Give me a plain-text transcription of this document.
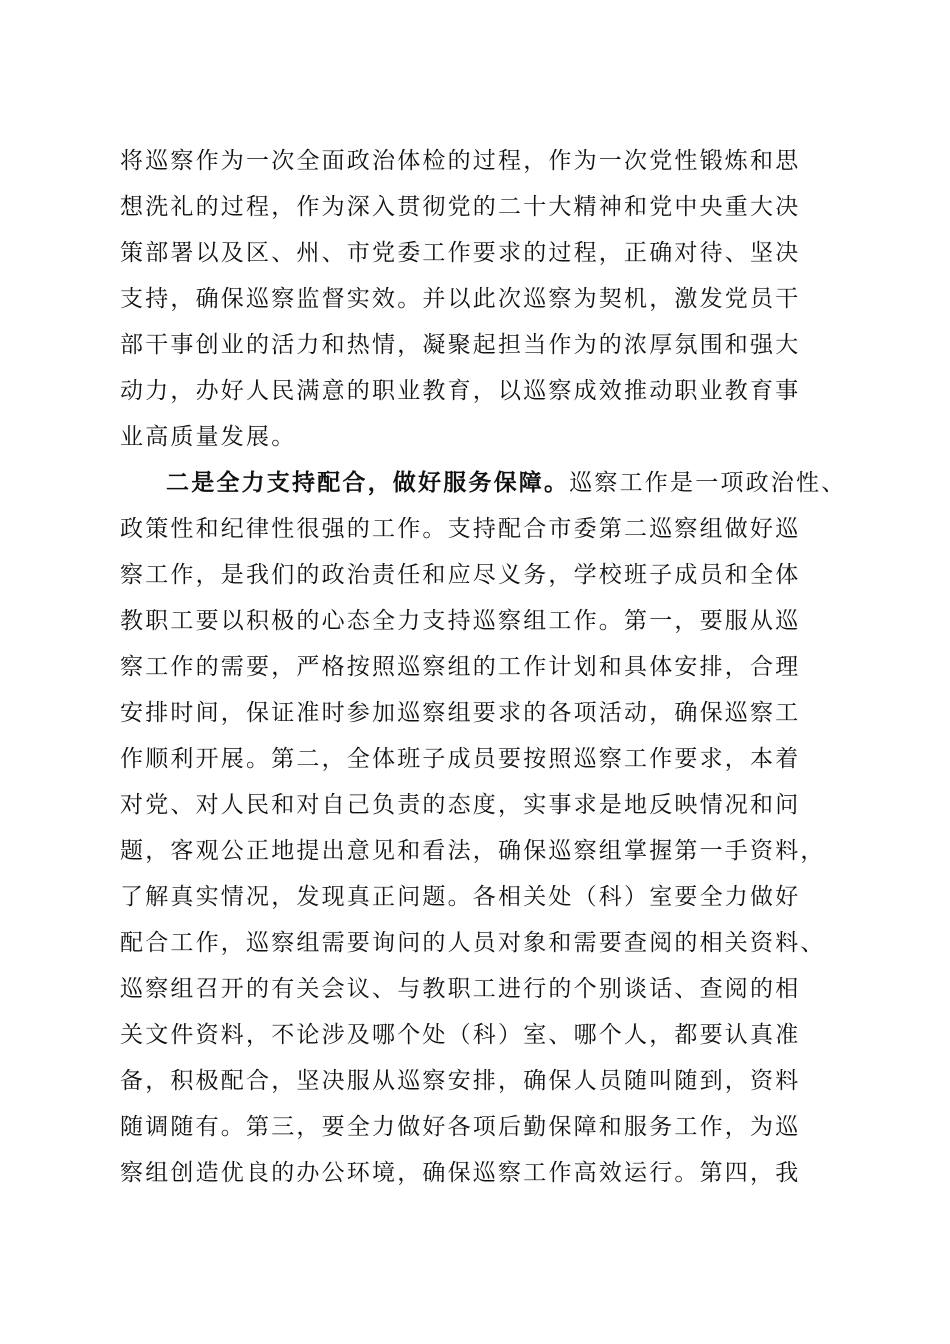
将巡察作为一次全面政治体检的过程，作为一次党性锻炼和思
想洗礼的过程，作为深入贯彻党的二十大精神和党中央重大决
策部署以及区、州、市党委工作要求的过程，正确对待、坚决
支持，确保巡察监督实效。并以此次巡察为契机，激发党员干
部干事创业的活力和热情，凝聚起担当作为的浓厚氛围和强大
动力，办好人民满意的职业教育，以巡察成效推动职业教育事
业高质量发展。
二是全力支持配合，做好服务保障。巡察工作是一项政治性、
政策性和纪律性很强的工作。支持配合市委第二巡察组做好巡
察工作，是我们的政治责任和应尽义务，学校班子成员和全体
教职工要以积极的心态全力支持巡察组工作。第一，要服从巡
察工作的需要，严格按照巡察组的工作计划和具体安排，合理
安排时间，保证准时参加巡察组要求的各项活动，确保巡察工
作顺利开展。第二，全体班子成员要按照巡察工作要求，本着
对党、对人民和对自己负责的态度，实事求是地反映情况和问
题，客观公正地提出意见和看法，确保巡察组掌握第一手资料，
了解真实情况，发现真正问题。各相关处（科）室要全力做好
配合工作，巡察组需要询问的人员对象和需要查阅的相关资料、
巡察组召开的有关会议、与教职工进行的个别谈话、查阅的相
关文件资料，不论涉及哪个处（科）室、哪个人，都要认真准
备，积极配合，坚决服从巡察安排，确保人员随叫随到，资料
随调随有。第三，要全力做好各项后勤保障和服务工作，为巡
察组创造优良的办公环境，确保巡察工作高效运行。第四，我
